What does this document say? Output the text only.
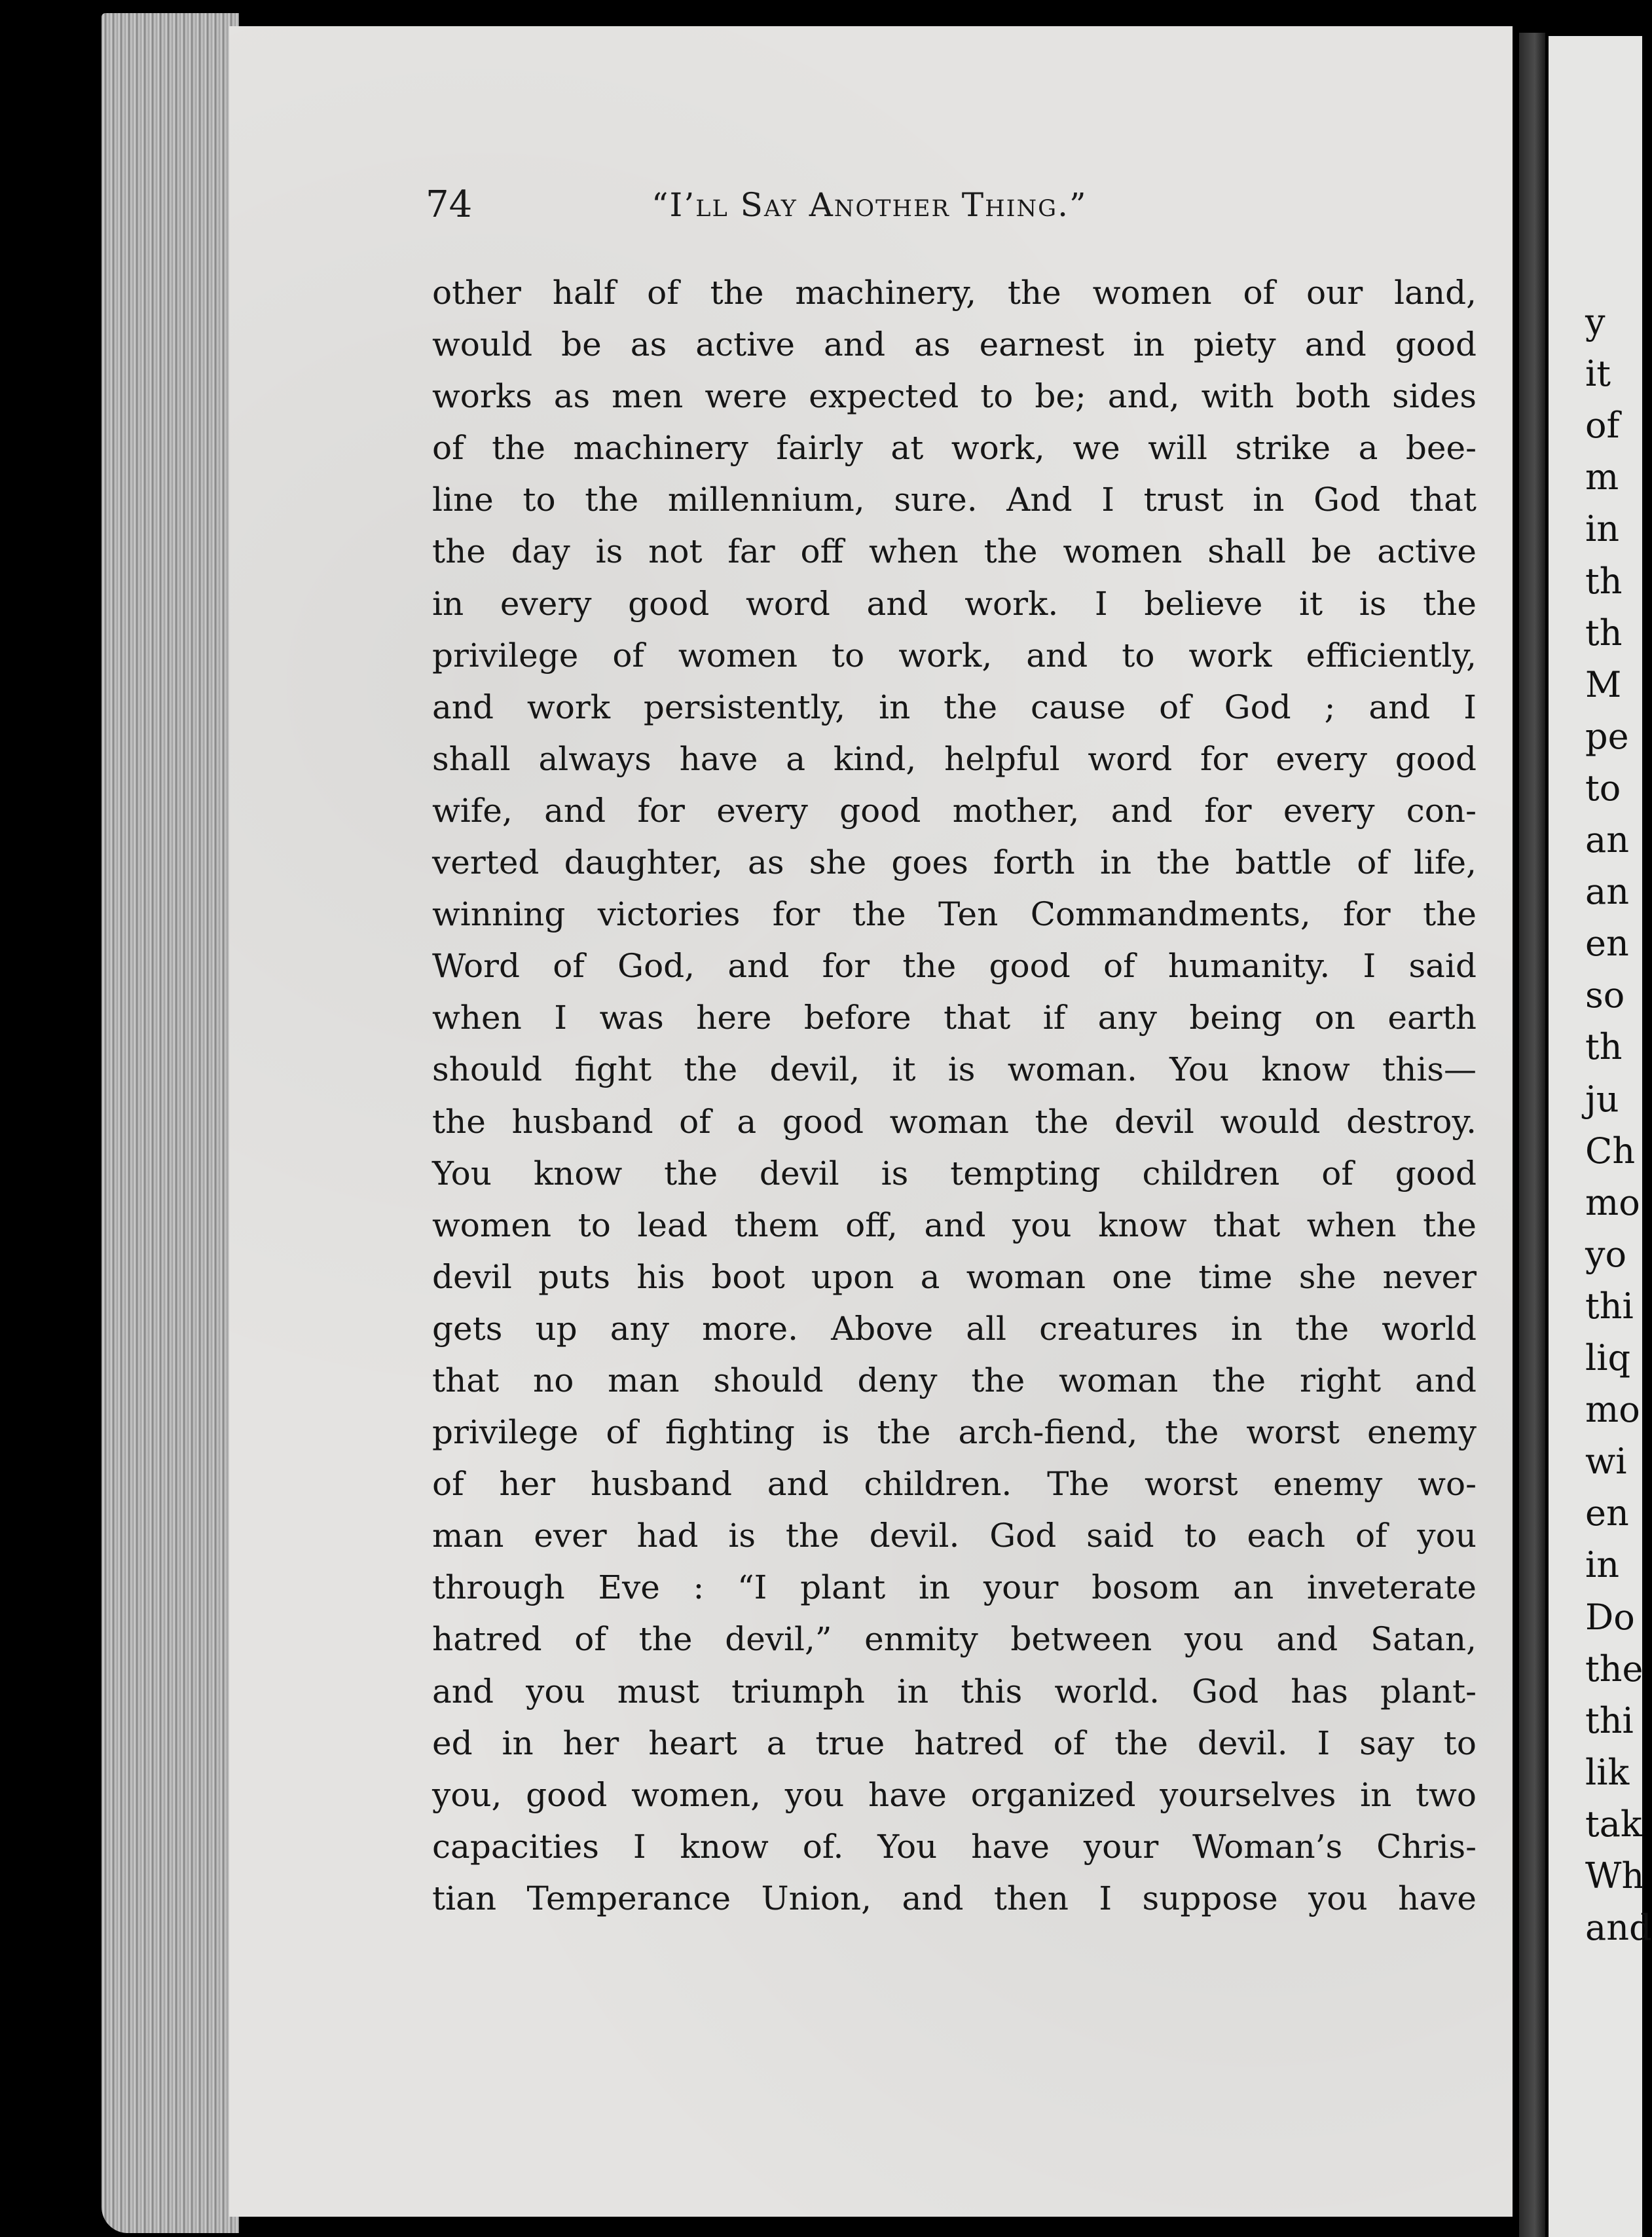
74	“I’ll Say Another Thing.”
other half of the machinery, the women of our land,
would be as active and as earnest in piety and good
works as men were expected to be; and, with both sides
of the machinery fairly at work, we will strike a bee-
line to the millennium, sure. And I trust in God that
the day is not far off when the women shall be active
in every good word and work. I believe it is the
privilege of women to work, and to work efficiently,
and work persistently, in the cause of God ; and I
shall always have a kind, helpful word for every good
wife, and for every good mother, and for every con-
verted daughter, as she goes forth in the battle of life,
winning victories for the Ten Commandments, for the
Word of God, and for the good of humanity. I said
when I was here before that if any being on earth
should fight the devil, it is woman. You know this—
the husband of a good woman the devil would destroy.
You know the devil is tempting children of good
women to lead them off, and you know that when the
devil puts his boot upon a woman one time she never
gets up any more. Above all creatures in the world
that no man should deny the woman the right and
privilege of fighting is the arch-fiend, the worst enemy
of her husband and children. The worst enemy wo-
man ever had is the devil. God said to each of you
through Eve : “I plant in your bosom an inveterate
hatred of the devil,” enmity between you and Satan,
and you must triumph in this world. God has plant-
ed in her heart a true hatred of the devil. I say to
you, good women, you have organized yourselves in two
capacities I know of. You have your Woman’s Chris-
tian Temperance Union, and then I suppose you have
y
it
of
m
in
th
th
M
pe
to
an
an
en
so
th
ju
Ch
mo
yo
thi
liq
mo
wi
en
in
Do
the
thi
lik
tak
Wh
and
